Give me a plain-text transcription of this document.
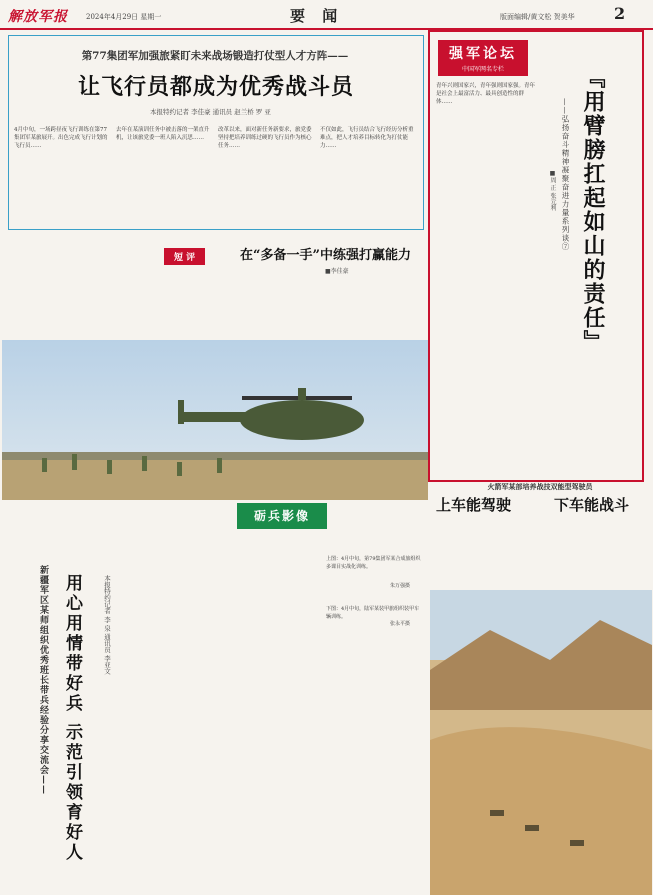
解放军报	2024年4月29日 星期一	要 闻	版面编辑/黄文松 贺美华 2
第77集团军加强旅紧盯未来战场锻造打仗型人才方阵——
让飞行员都成为优秀战斗员
本报特约记者 李佳豪 通讯员 赵兰桥 罗 亚
4月中旬，一场跨昼夜飞行训练在第77集团军某旅展开。出色完成飞行计划的飞行员……
去年在某演训任务中被击落的一架直升机，让该旅党委一班人陷入沉思……
改革以来，面对新任务新要求，旅党委坚持把培养训练过硬的飞行员作为核心任务……
不仅如此，飞行员结合飞行经历分析重难点，把人才培养目标转化为打仗能力……
短 评	在“多备一手”中练强打赢能力
■李佳豪
强军论坛
中国军网名专栏	『用臂膀扛起如山的责任』
——弘扬奋斗精神凝聚奋进力量系列谈⑦
■周 正 张元利
青年兴则国家兴，青年强则国家强。青年是社会上最富活力、最具创造性的群体……
砺兵影像
火箭军某部培养战技双能型驾驶员
上车能驾驶	下车能战斗
上图：4月中旬，第79集团军某合成旅组织多课目实战化训练。
朱万强摄
下图：4月中旬，陆军某装甲旅组织装甲车辆训练。
张永平摄
新疆军区某师组织优秀班长带兵经验分享交流会—— 用心用情带好兵 示范引领育好人	本报特约记者 李 泉 通讯员 李亚文
